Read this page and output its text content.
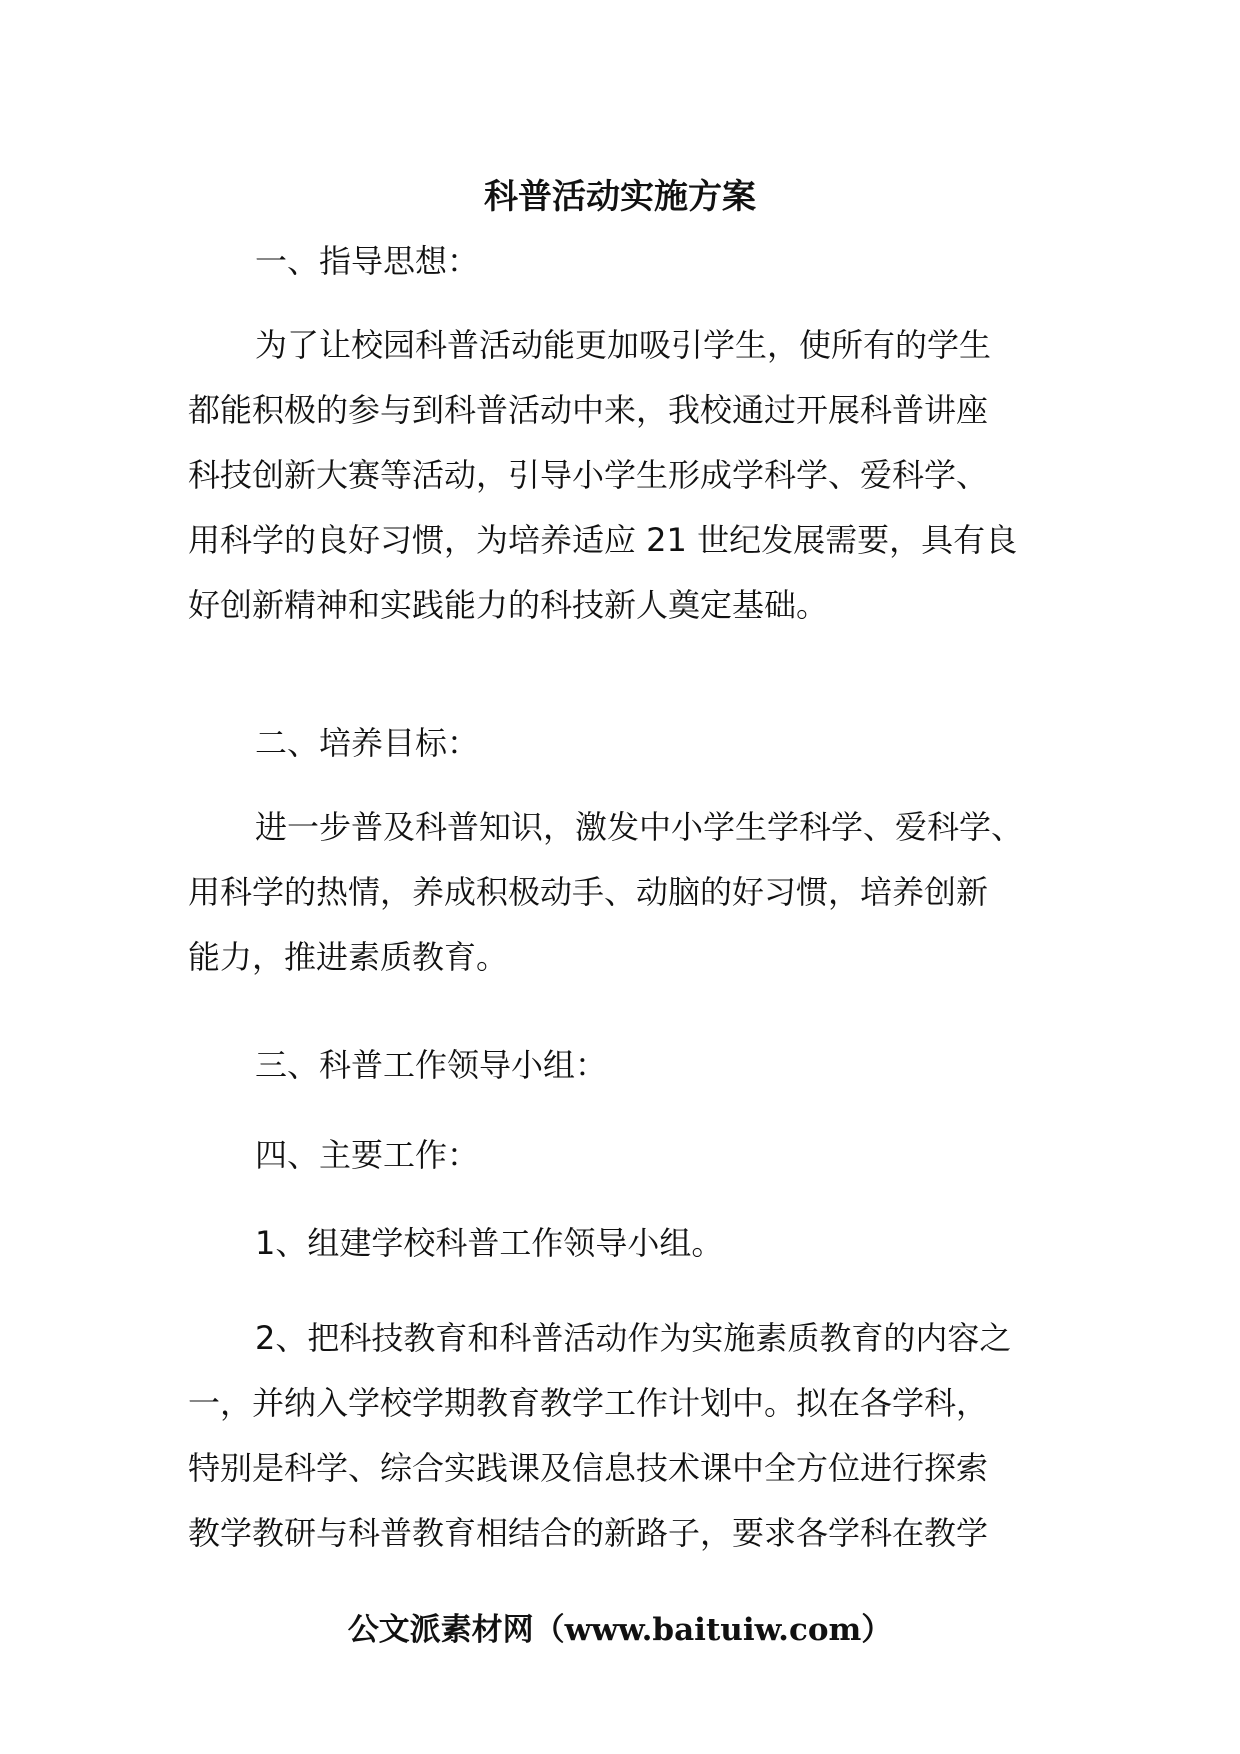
科普活动实施方案
一、指导思想：
为了让校园科普活动能更加吸引学生，使所有的学生
都能积极的参与到科普活动中来，我校通过开展科普讲座
科技创新大赛等活动，引导小学生形成学科学、爱科学、
用科学的良好习惯，为培养适应 21 世纪发展需要，具有良
好创新精神和实践能力的科技新人奠定基础。
二、培养目标：
进一步普及科普知识，激发中小学生学科学、爱科学、
用科学的热情，养成积极动手、动脑的好习惯，培养创新
能力，推进素质教育。
三、科普工作领导小组：
四、主要工作：
1、组建学校科普工作领导小组。
2、把科技教育和科普活动作为实施素质教育的内容之
一，并纳入学校学期教育教学工作计划中。拟在各学科，
特别是科学、综合实践课及信息技术课中全方位进行探索
教学教研与科普教育相结合的新路子，要求各学科在教学
公文派素材网（www.baituiw.com）
